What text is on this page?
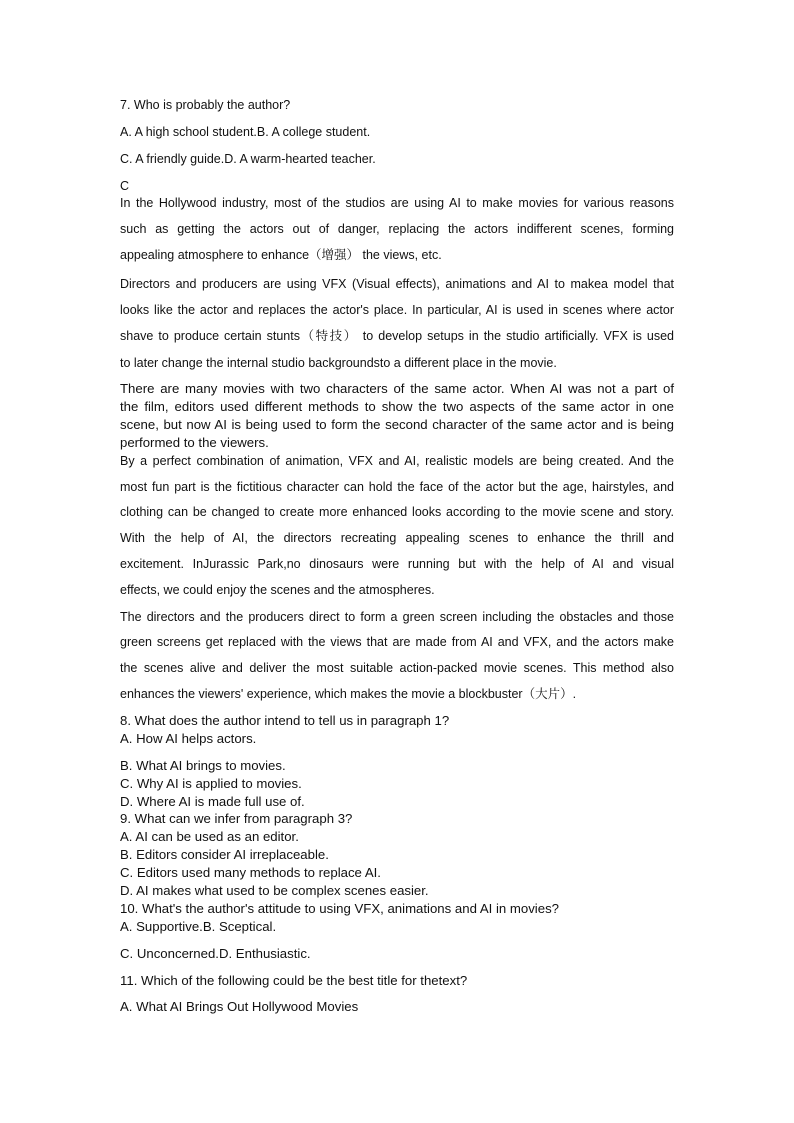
7. Who is probably the author?

A. A high school student.B. A college student.

C. A friendly guide.D. A warm-hearted teacher.

C

In the Hollywood industry, most of the studios are using AI to make movies for various reasons

such as getting the actors out of danger, replacing the actors indifferent scenes, forming

appealing atmosphere to enhance（增强） the views, etc.

Directors and producers are using VFX (Visual effects), animations and AI to makea model that

looks like the actor and replaces the actor's place. In particular, AI is used in scenes where actor

shave to produce certain stunts（特技） to develop setups in the studio artificially. VFX is used

to later change the internal studio backgroundsto a different place in the movie.

There are many movies with two characters of the same actor. When AI was not a part of

the film, editors used different methods to show the two aspects of the same actor in one

scene, but now AI is being used to form the second character of the same actor and is being

performed to the viewers.

By a perfect combination of animation, VFX and AI, realistic models are being created. And the

most fun part is the fictitious character can hold the face of the actor but the age, hairstyles, and

clothing can be changed to create more enhanced looks according to the movie scene and story.

With the help of AI, the directors recreating appealing scenes to enhance the thrill and

excitement. InJurassic Park,no dinosaurs were running but with the help of AI and visual

effects, we could enjoy the scenes and the atmospheres.

The directors and the producers direct to form a green screen including the obstacles and those

green screens get replaced with the views that are made from AI and VFX, and the actors make

the scenes alive and deliver the most suitable action-packed movie scenes. This method also

enhances the viewers' experience, which makes the movie a blockbuster（大片）.

8. What does the author intend to tell us in paragraph 1?

A. How AI helps actors.

B. What AI brings to movies.

C. Why AI is applied to movies.

D. Where AI is made full use of.

9. What can we infer from paragraph 3?

A. AI can be used as an editor.

B. Editors consider AI irreplaceable.

C. Editors used many methods to replace AI.

D. AI makes what used to be complex scenes easier.

10. What's the author's attitude to using VFX, animations and AI in movies?

A. Supportive.B. Sceptical.

C. Unconcerned.D. Enthusiastic.

11. Which of the following could be the best title for thetext?

A. What AI Brings Out Hollywood Movies
